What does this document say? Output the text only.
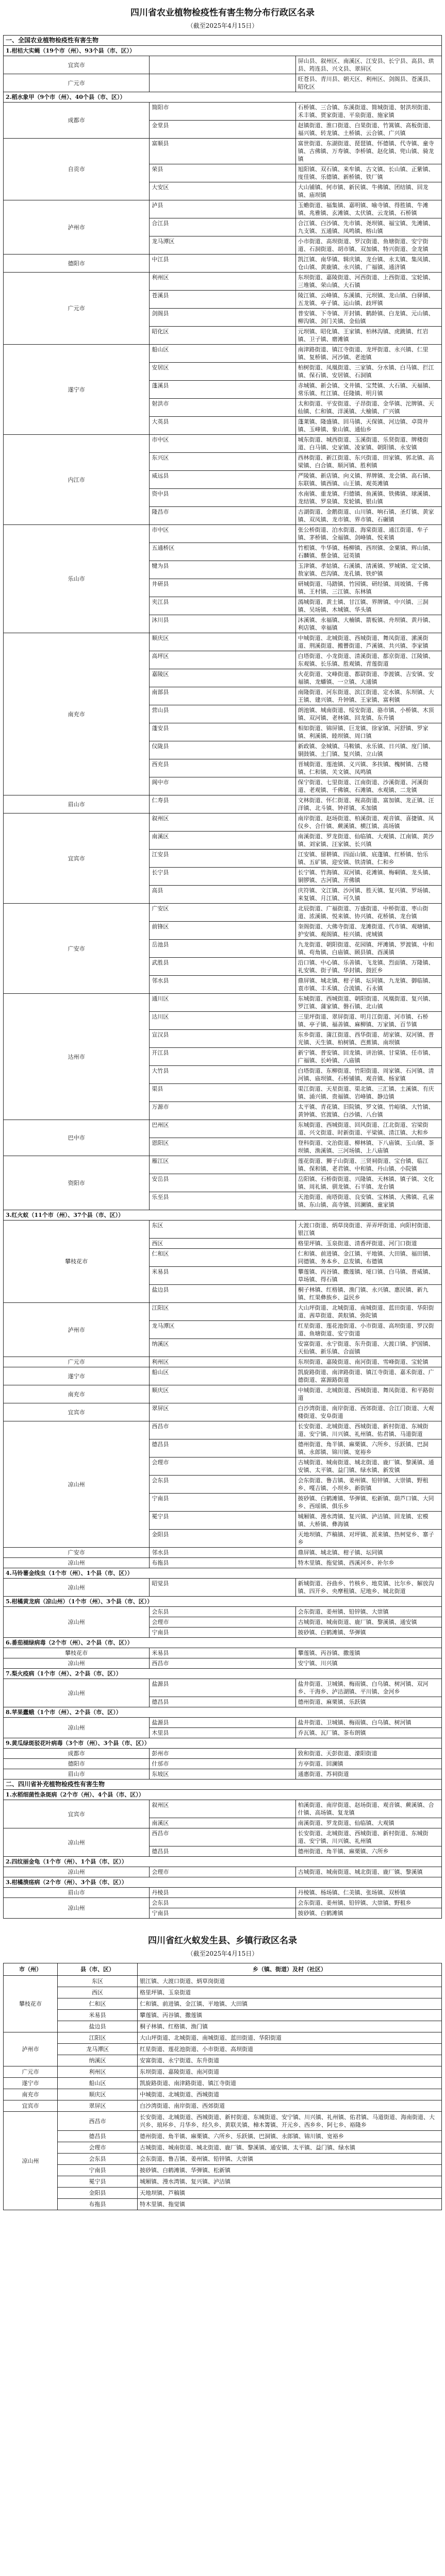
四川省农业植物检疫性有害生物分布行政区名录
（截至2025年4月15日）
一、全国农业植物检疫性有害生物		
1.柑桔大实蝇（19个市（州）、93个县（市、区））		
宜宾市		屏山县、叙州区、南溪区、江安县、长宁县、高县、珙县、筠连县、兴文县、翠屏区
广元市		旺苍县、青川县、朝天区、利州区、剑阁县、苍溪县、昭化区
2.稻水象甲（9个市（州）、40个县（市、区））		
成都市	简阳市	石桥镇、三合镇、东溪街道、简城街道、射洪坝街道、禾丰镇、贾家街道、平泉街道、施家镇
	金堂县	赵镇街道、淮口街道、白果街道、竹篙镇、高板街道、福兴镇、转龙镇、土桥镇、云合镇、广兴镇
自贡市	富顺县	富世街道、东湖街道、琵琶镇、怀德镇、代寺镇、童寺镇、古佛镇、万寿镇、李桥镇、赵化镇、兜山镇、骑龙镇
	荣县	旭阳镇、双石镇、来牟镇、古文镇、长山镇、正紫镇、度佳镇、乐德镇、新桥镇、铁厂镇
	大安区	大山铺镇、何市镇、新民镇、牛佛镇、团结镇、回龙镇、庙坝镇
泸州市	泸县	玉蟾街道、福集镇、嘉明镇、喻寺镇、得胜镇、牛滩镇、兆雅镇、玄滩镇、太伏镇、云龙镇、石桥镇
	合江县	合江镇、白沙镇、先市镇、尧坝镇、福宝镇、先滩镇、九支镇、五通镇、凤鸣镇、榕山镇
	龙马潭区	小市街道、高坝街道、罗汉街道、鱼塘街道、安宁街道、石洞街道、胡市镇、双加镇、特兴街道、金龙镇
德阳市	中江县	凯江镇、南华镇、辑庆镇、龙台镇、永太镇、集凤镇、仓山镇、黄鹿镇、永兴镇、广福镇、通济镇
广元市	利州区	东坝街道、嘉陵街道、河西街道、上西街道、宝轮镇、三堆镇、荣山镇、大石镇
	苍溪县	陵江镇、云峰镇、东溪镇、元坝镇、龙山镇、白驿镇、五龙镇、亭子镇、运山镇、歧坪镇
	剑阁县	普安镇、下寺镇、开封镇、鹤龄镇、白龙镇、元山镇、柳沟镇、剑门关镇、金仙镇
	昭化区	元坝镇、昭化镇、王家镇、柏林沟镇、虎跳镇、红岩镇、卫子镇、磨滩镇
遂宁市	船山区	南津路街道、镇江寺街道、龙坪街道、永兴镇、仁里镇、复桥镇、河沙镇、老池镇
	安居区	柏树街道、凤凰街道、三家镇、分水镇、白马镇、拦江镇、保石镇、安居镇、石洞镇
	蓬溪县	赤城镇、新会镇、文井镇、宝梵镇、大石镇、天福镇、常乐镇、红江镇、任隆镇、明月镇
	射洪市	太和街道、平安街道、子昂街道、金华镇、沱牌镇、天仙镇、仁和镇、洋溪镇、大榆镇、广兴镇
	大英县	蓬莱镇、隆盛镇、回马镇、天保镇、河边镇、卓筒井镇、玉峰镇、象山镇、通仙乡
内江市	市中区	城东街道、城西街道、玉溪街道、乐贤街道、牌楼街道、白马镇、史家镇、凌家镇、朝阳镇、永安镇
	东兴区	西林街道、新江街道、东兴街道、田家镇、郭北镇、高梁镇、白合镇、顺河镇、胜利镇
	威远县	严陵镇、新店镇、向义镇、界牌镇、龙会镇、高石镇、东联镇、镇西镇、山王镇、观英滩镇
	资中县	水南镇、重龙镇、归德镇、鱼溪镇、铁佛镇、球溪镇、龙结镇、罗泉镇、发轮镇、银山镇
	隆昌市	古湖街道、金鹅街道、山川镇、响石镇、圣灯镇、黄家镇、双凤镇、龙市镇、界市镇、石碾镇
乐山市	市中区	张公桥街道、泊水街道、海棠街道、通江街道、牟子镇、茅桥镇、全福镇、剑峰镇、悦来镇
	五通桥区	竹根镇、牛华镇、杨柳镇、西坝镇、金粟镇、辉山镇、石麟镇、蔡金镇、冠英镇
	犍为县	玉津镇、孝姑镇、石溪镇、清溪镇、罗城镇、定文镇、敖家镇、芭沟镇、龙孔镇、铁炉镇
	井研县	研城街道、马踏镇、竹园镇、研经镇、周坡镇、千佛镇、王村镇、三江镇、东林镇
	夹江县	漹城街道、黄土镇、甘江镇、界牌镇、中兴镇、三洞镇、吴场镇、木城镇、华头镇
	沐川县	沐溪镇、永福镇、大楠镇、箭板镇、舟坝镇、黄丹镇、利店镇、幸福镇
南充市	顺庆区	中城街道、北城街道、西城街道、舞凤街道、潆溪街道、荆溪街道、搬罾街道、芦溪镇、共兴镇、李家镇
	高坪区	白塔街道、小龙街道、清溪街道、都京街道、江陵镇、东观镇、长乐镇、胜观镇、青莲街道
	嘉陵区	火花街道、文峰街道、都尉街道、李渡镇、吉安镇、安福镇、龙蟠镇、一立镇、大通镇
	南部县	南隆街道、河东街道、滨江街道、定水镇、东坝镇、大王镇、建兴镇、升钟镇、王家镇、富利镇
	营山县	朗池镇、城南街道、绥安街道、骆市镇、小桥镇、木顶镇、双河镇、老林镇、回龙镇、东升镇
	蓬安县	相如街道、锦屏镇、巨龙镇、徐家镇、河舒镇、罗家镇、利溪镇、睦坝镇、周口镇
	仪陇县	新政镇、金城镇、马鞍镇、永乐镇、日兴镇、度门镇、铜鼓镇、土门镇、复兴镇、立山镇
	西充县	晋城街道、莲池镇、义兴镇、多扶镇、槐树镇、古楼镇、仁和镇、关文镇、凤鸣镇
	阆中市	保宁街道、七里街道、江南街道、沙溪街道、河溪街道、老观镇、千佛镇、石滩镇、水观镇、二龙镇
眉山市	仁寿县	文林街道、怀仁街道、视高街道、富加镇、龙正镇、汪洋镇、北斗镇、钟祥镇、禾加镇
宜宾市	叙州区	南岸街道、赵场街道、柏溪街道、观音镇、喜捷镇、凤仪乡、合什镇、蕨溪镇、横江镇、高场镇
	南溪区	南溪街道、罗龙街道、仙临镇、大观镇、江南镇、黄沙镇、刘家镇、汪家镇、长兴镇
	江安县	江安镇、留耕镇、四面山镇、底蓬镇、红桥镇、怡乐镇、五矿镇、迎安镇、铁清镇、仁和乡
	长宁县	长宁镇、竹海镇、双河镇、花滩镇、梅硐镇、龙头镇、铜锣镇、古河镇、开佛镇
	高县	庆符镇、文江镇、沙河镇、胜天镇、复兴镇、罗场镇、来复镇、月江镇、可久镇
广安市	广安区	北辰街道、广福街道、万盛街道、中桥街道、枣山街道、浓溪镇、悦来镇、协兴镇、花桥镇、龙台镇
	前锋区	奎阁街道、大佛寺街道、龙滩街道、代市镇、观塘镇、护安镇、观阁镇、桂兴镇、虎城镇
	岳池县	九龙街道、朝阳街道、花园镇、坪滩镇、罗渡镇、中和镇、苟角镇、白庙镇、顾县镇、酉溪镇
	武胜县	沿口镇、中心镇、乐善镇、飞龙镇、烈面镇、万隆镇、礼安镇、街子镇、华封镇、鼓匠乡
	邻水县	鼎屏镇、城北镇、柑子镇、坛同镇、九龙镇、御临镇、袁市镇、丰禾镇、合流镇、石永镇
达州市	通川区	东城街道、西城街道、朝阳街道、凤凰街道、复兴镇、罗江镇、蒲家镇、磐石镇、北山镇
	达川区	三里坪街道、翠屏街道、明月江街道、河市镇、石桥镇、亭子镇、福善镇、麻柳镇、万家镇、百节镇
	宣汉县	东乡街道、蒲江街道、西华街道、胡家镇、双河镇、普光镇、天生镇、柏树镇、芭蕉镇、南坝镇
	开江县	新宁镇、普安镇、回龙镇、讲治镇、甘棠镇、任市镇、广福镇、长岭镇、八庙镇
	大竹县	白塔街道、东柳街道、竹阳街道、周家镇、石河镇、清河镇、庙坝镇、石桥铺镇、观音镇、杨家镇
	渠县	渠江街道、天星街道、渠北镇、三汇镇、土溪镇、有庆镇、涌兴镇、贵福镇、岩峰镇、静边镇
	万源市	太平镇、青花镇、旧院镇、罗文镇、竹峪镇、大竹镇、黄钟镇、官渡镇、白沙镇、八台镇
巴中市	巴州区	东城街道、西城街道、回风街道、江北街道、宕梁街道、兴文街道、时新街道、平梁镇、清江镇、大和乡
	恩阳区	登科街道、文治街道、柳林镇、下八庙镇、玉山镇、茶坝镇、渔溪镇、三河场镇、上八庙镇
资阳市	雁江区	莲花街道、狮子山街道、三贤祠街道、宝台镇、临江镇、保和镇、老君镇、中和镇、丹山镇、小院镇
	安岳县	岳阳镇、石桥街街道、兴隆镇、天林镇、镇子镇、文化镇、周礼镇、驯龙镇、石羊镇、龙台镇
	乐至县	天池街道、南塔街道、良安镇、宝林镇、大佛镇、孔雀镇、东山镇、高寺镇、回澜镇、童家镇
3.红火蚁（11个市（州）、37个县（市、区））		
攀枝花市	东区	大渡口街道、炳草岗街道、弄弄坪街道、向阳村街道、银江镇
	西区	格里坪镇、玉泉街道、清香坪街道、河门口街道
	仁和区	仁和镇、前进镇、金江镇、平地镇、大田镇、福田镇、同德镇、务本乡、总发镇、布德镇
	米易县	攀莲镇、丙谷镇、撒莲镇、垭口镇、白马镇、普威镇、草场镇、得石镇
	盐边县	桐子林镇、红格镇、渔门镇、永兴镇、惠民镇、新九镇、红果彝族乡、益民乡
泸州市	江阳区	大山坪街道、北城街道、南城街道、蓝田街道、华阳街道、茜草街道、黄舣镇、弥陀镇
	龙马潭区	红星街道、莲花池街道、小市街道、高坝街道、罗汉街道、鱼塘街道、安宁街道
	纳溪区	安富街道、永宁街道、东升街道、大渡口镇、护国镇、天仙镇、新乐镇、合面镇
广元市	利州区	东坝街道、嘉陵街道、南河街道、雪峰街道、宝轮镇
遂宁市	船山区	凯旋路街道、南津路街道、镇江寺街道、嘉禾街道、广德街道、富源路街道
南充市	顺庆区	中城街道、北城街道、西城街道、舞凤街道、和平路街道
宜宾市	翠屏区	白沙湾街道、南岸街道、西郊街道、合江门街道、大观楼街道、安阜街道
凉山州	西昌市	长安街道、北城街道、西城街道、新村街道、东城街道、安宁镇、川兴镇、礼州镇、佑君镇、马道街道
	德昌县	德州街道、角半镇、麻栗镇、六所乡、乐跃镇、巴洞镇、永郎镇、锦川镇、宽裕乡
	会理市	古城街道、城南街道、城北街道、鹿厂镇、黎溪镇、通安镇、太平镇、益门镇、绿水镇、新发镇
	会东县	会东街道、鲁吉镇、姜州镇、铅锌镇、大崇镇、野租乡、嘎吉镇、小坝乡、新街镇
	宁南县	披砂镇、白鹤滩镇、华弹镇、松新镇、葫芦口镇、大同乡、西瑶镇、俱乐乡
	冕宁县	城厢镇、漫水湾镇、复兴镇、泸沽镇、回龙镇、宏模镇、大桥镇、彝海镇
	金阳县	天地坝镇、芦稿镇、对坪镇、派来镇、热柯觉乡、寨子乡
广安市	邻水县	鼎屏镇、城北镇、柑子镇、坛同镇
凉山州	布拖县	特木里镇、拖觉镇、西溪河乡、补尔乡
4.马铃薯金线虫（1个市（州）、1个县（市、区））		
凉山州	昭觉县	新城街道、谷曲乡、竹核乡、地莫镇、比尔乡、解放沟镇、四开乡、央摩租镇、尼地乡、城北街道
5.柑橘黄龙病（凉山州）（1个市（州）、3个县（市、区））		
凉山州	会东县	会东街道、姜州镇、铅锌镇、大崇镇
	会理市	古城街道、城南街道、鹿厂镇、黎溪镇、通安镇
	宁南县	披砂镇、白鹤滩镇、华弹镇
6.番茄褪绿病毒（2个市（州）、2个县（市、区））		
攀枝花市	米易县	攀莲镇、丙谷镇、撒莲镇
凉山州	西昌市	安宁镇、川兴镇
7.梨火疫病（1个市（州）、2个县（市、区））		
凉山州	盐源县	盐井街道、卫城镇、梅雨镇、白乌镇、树河镇、双河乡、干海乡、泸沽湖镇、平川镇、金河乡
	德昌县	德州街道、麻栗镇、乐跃镇
8.苹果蠹蛾（1个市（州）、2个县（市、区））		
凉山州	盐源县	盐井街道、卫城镇、梅雨镇、白乌镇、树河镇
	木里县	乔瓦镇、瓦厂镇、茶布朗镇
9.黄瓜绿斑驳花叶病毒（3个市（州）、3个县（市、区））		
成都市	彭州市	致和街道、天彭街道、濛阳街道
德阳市	什邡市	方亭街道、回澜镇
眉山市	东坡区	通惠街道、苏祠街道
二、四川省补充植物检疫性有害生物		
1.水稻细菌性条斑病（2个市（州）、4个县（市、区））		
宜宾市	叙州区	柏溪街道、南岸街道、赵场街道、观音镇、蕨溪镇、合什镇、高场镇、复龙镇
	南溪区	南溪街道、罗龙街道、仙临镇、大观镇
凉山州	西昌市	长安街道、北城街道、西城街道、新村街道、东城街道、安宁镇、川兴镇、礼州镇
	德昌县	德州街道、角半镇、麻栗镇、六所乡
2.四纹丽金龟（1个市（州）、1个县（市、区））		
凉山州	会理市	古城街道、城南街道、城北街道、鹿厂镇、黎溪镇
3.柑橘溃疡病（2个市（州）、3个县（市、区））		
眉山市	丹棱县	丹棱镇、杨场镇、仁美镇、张场镇、双桥镇
凉山州	会东县	会东街道、姜州镇、铅锌镇、大崇镇、野租乡
	宁南县	披砂镇、白鹤滩镇
四川省红火蚁发生县、乡镇行政区名录
（截至2025年4月15日）
市（州）	县（市、区）	乡（镇、街道）及村（社区）
攀枝花市	东区	银江镇、大渡口街道、炳草岗街道
	西区	格里坪镇、玉泉街道
	仁和区	仁和镇、前进镇、金江镇、平地镇、大田镇
	米易县	攀莲镇、丙谷镇、撒莲镇
	盐边县	桐子林镇、红格镇、渔门镇
泸州市	江阳区	大山坪街道、北城街道、南城街道、蓝田街道、华阳街道
	龙马潭区	红星街道、莲花池街道、小市街道、高坝街道
	纳溪区	安富街道、永宁街道、东升街道
广元市	利州区	东坝街道、嘉陵街道、南河街道
遂宁市	船山区	凯旋路街道、南津路街道、镇江寺街道
南充市	顺庆区	中城街道、北城街道、西城街道
宜宾市	翠屏区	白沙湾街道、南岸街道、西郊街道
凉山州	西昌市	长安街道、北城街道、西城街道、新村街道、东城街道、安宁镇、川兴镇、礼州镇、佑君镇、马道街道、海南街道、大兴乡、琅环乡、月华乡、经久乡、黄联关镇、樟木箐镇、开元乡、西乡乡、阿七乡、裕隆乡
	德昌县	德州街道、角半镇、麻栗镇、六所乡、乐跃镇、巴洞镇、永郎镇、锦川镇、宽裕乡
	会理市	古城街道、城南街道、城北街道、鹿厂镇、黎溪镇、通安镇、太平镇、益门镇、绿水镇
	会东县	会东街道、鲁吉镇、姜州镇、铅锌镇、大崇镇
	宁南县	披砂镇、白鹤滩镇、华弹镇、松新镇
	冕宁县	城厢镇、漫水湾镇、复兴镇、泸沽镇
	金阳县	天地坝镇、芦稿镇
	布拖县	特木里镇、拖觉镇
